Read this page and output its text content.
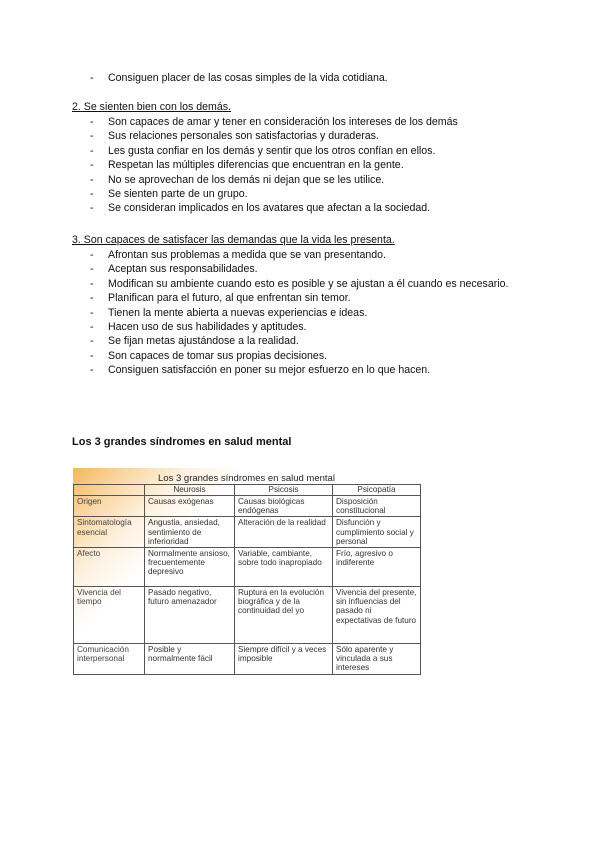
- Consiguen placer de las cosas simples de la vida cotidiana.
2. Se sienten bien con los demás.
- Son capaces de amar y tener en consideración los intereses de los demás
- Sus relaciones personales son satisfactorias y duraderas.
- Les gusta confiar en los demás y sentir que los otros confían en ellos.
- Respetan las múltiples diferencias que encuentran en la gente.
- No se aprovechan de los demás ni dejan que se les utilice.
- Se sienten parte de un grupo.
- Se consideran implicados en los avatares que afectan a la sociedad.
3. Son capaces de satisfacer las demandas que la vida les presenta.
- Afrontan sus problemas a medida que se van presentando.
- Aceptan sus responsabilidades.
- Modifican su ambiente cuando esto es posible y se ajustan a él cuando es necesario.
- Planifican para el futuro, al que enfrentan sin temor.
- Tienen la mente abierta a nuevas experiencias e ideas.
- Hacen uso de sus habilidades y aptitudes.
- Se fijan metas ajustándose a la realidad.
- Son capaces de tomar sus propias decisiones.
- Consiguen satisfacción en poner su mejor esfuerzo en lo que hacen.
Los 3 grandes síndromes en salud mental
Los 3 grandes síndromes en salud mental
	Neurosis	Psicosis	Psicopatía
Origen	Causas exógenas	Causas biológicas endógenas	Disposición constitucional
Sintomatología esencial	Angustia, ansiedad, sentimiento de inferioridad	Alteración de la realidad	Disfunción y cumplimiento social y personal
Afecto	Normalmente ansioso, frecuentemente depresivo	Variable, cambiante, sobre todo inapropiado	Frío, agresivo o indiferente
Vivencia del tiempo	Pasado negativo, futuro amenazador	Ruptura en la evolución biográfica y de la continuidad del yo	Vivencia del presente, sin influencias del pasado ni expectativas de futuro
Comunicación interpersonal	Posible y normalmente fácil	Siempre difícil y a veces imposible	Sólo aparente y vinculada a sus intereses
